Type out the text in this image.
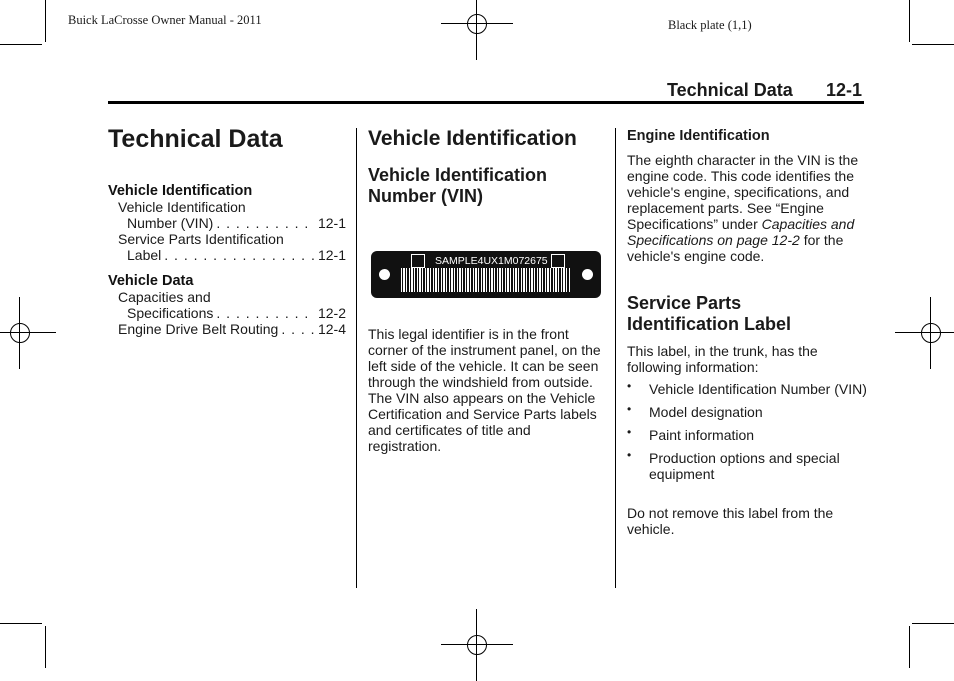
Buick LaCrosse Owner Manual - 2011	Black plate (1,1)
Technical Data 12-1
Technical Data
Vehicle Identification
Vehicle Identification
Number (VIN) . . .	12-1
Service Parts Identification
Label . . .	12-1
Vehicle Data
Capacities and
Specifications . . .	12-2
Engine Drive Belt Routing . . .	12-4
Vehicle Identification
Vehicle Identification Number (VIN)
SAMPLE4UX1M072675
This legal identifier is in the front corner of the instrument panel, on the left side of the vehicle. It can be seen through the windshield from outside. The VIN also appears on the Vehicle Certification and Service Parts labels and certificates of title and registration.
Engine Identification
The eighth character in the VIN is the engine code. This code identifies the vehicle's engine, specifications, and replacement parts. See “Engine Specifications” under Capacities and Specifications on page 12-2 for the vehicle's engine code.
Service Parts Identification Label
This label, in the trunk, has the following information:
• Vehicle Identification Number (VIN)
• Model designation
• Paint information
• Production options and special equipment
Do not remove this label from the vehicle.
